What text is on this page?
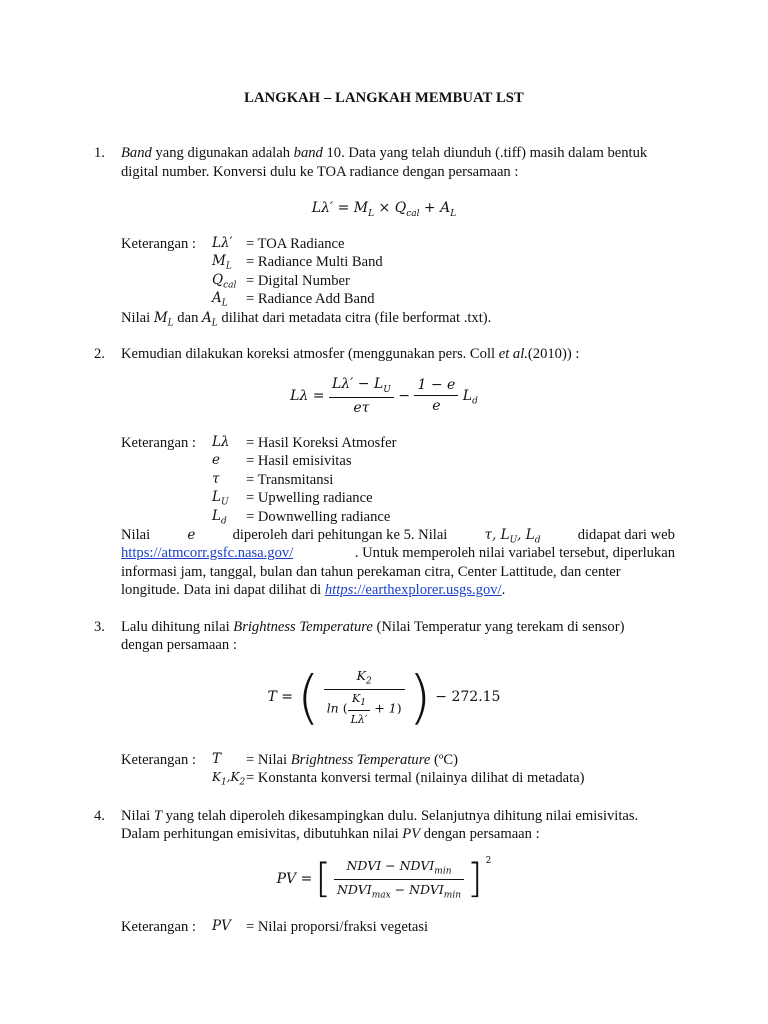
LANGKAH – LANGKAH MEMBUAT LST
1. Band yang digunakan adalah band 10. Data yang telah diunduh (.tiff) masih dalam bentuk
digital number. Konversi dulu ke TOA radiance dengan persamaan :
$L\lambda' = M_L \times Q_{cal} + A_L$
Keterangan : Lλ′ = TOA Radiance
$M_L$ = Radiance Multi Band
$Q_{cal}$ = Digital Number
$A_L$ = Radiance Add Band
Nilai $M_L$ dan $A_L$ dilihat dari metadata citra (file berformat .txt).
2. Kemudian dilakukan koreksi atmosfer (menggunakan pers. Coll et al.(2010)) :
$L\lambda = \frac{L\lambda' - L_U}{e\tau} - \frac{1 - e}{e} L_d$
Keterangan : Lλ = Hasil Koreksi Atmosfer
e = Hasil emisivitas
τ = Transmitansi
$L_U$ = Upwelling radiance
$L_d$ = Downwelling radiance
Nilai	e	diperoleh dari pehitungan ke 5. Nilai	τ, $L_U$, $L_d$	didapat dari web
https://atmcorr.gsfc.nasa.gov/	. Untuk memperoleh nilai variabel tersebut, diperlukan
informasi jam, tanggal, bulan dan tahun perekaman citra, Center Lattitude, dan center
longitude. Data ini dapat dilihat di https://earthexplorer.usgs.gov/.
3. Lalu dihitung nilai Brightness Temperature (Nilai Temperatur yang terekam di sensor)
dengan persamaan :
T = ( $\frac{K_2}{\ln ( \frac{K_1}{L\lambda'} + 1)}$ ) − 272.15
Keterangan : T = Nilai Brightness Temperature (ºC)
$K_1,K_2$ = Konstanta konversi termal (nilainya dilihat di metadata)
4. Nilai T yang telah diperoleh dikesampingkan dulu. Selanjutnya dihitung nilai emisivitas.
Dalam perhitungan emisivitas, dibutuhkan nilai PV dengan persamaan :
PV = [ $\frac{NDVI - NDVI_{min}}{NDVI_{max} - NDVI_{min}}$ ] $^2$
Keterangan : PV = Nilai proporsi/fraksi vegetasi
